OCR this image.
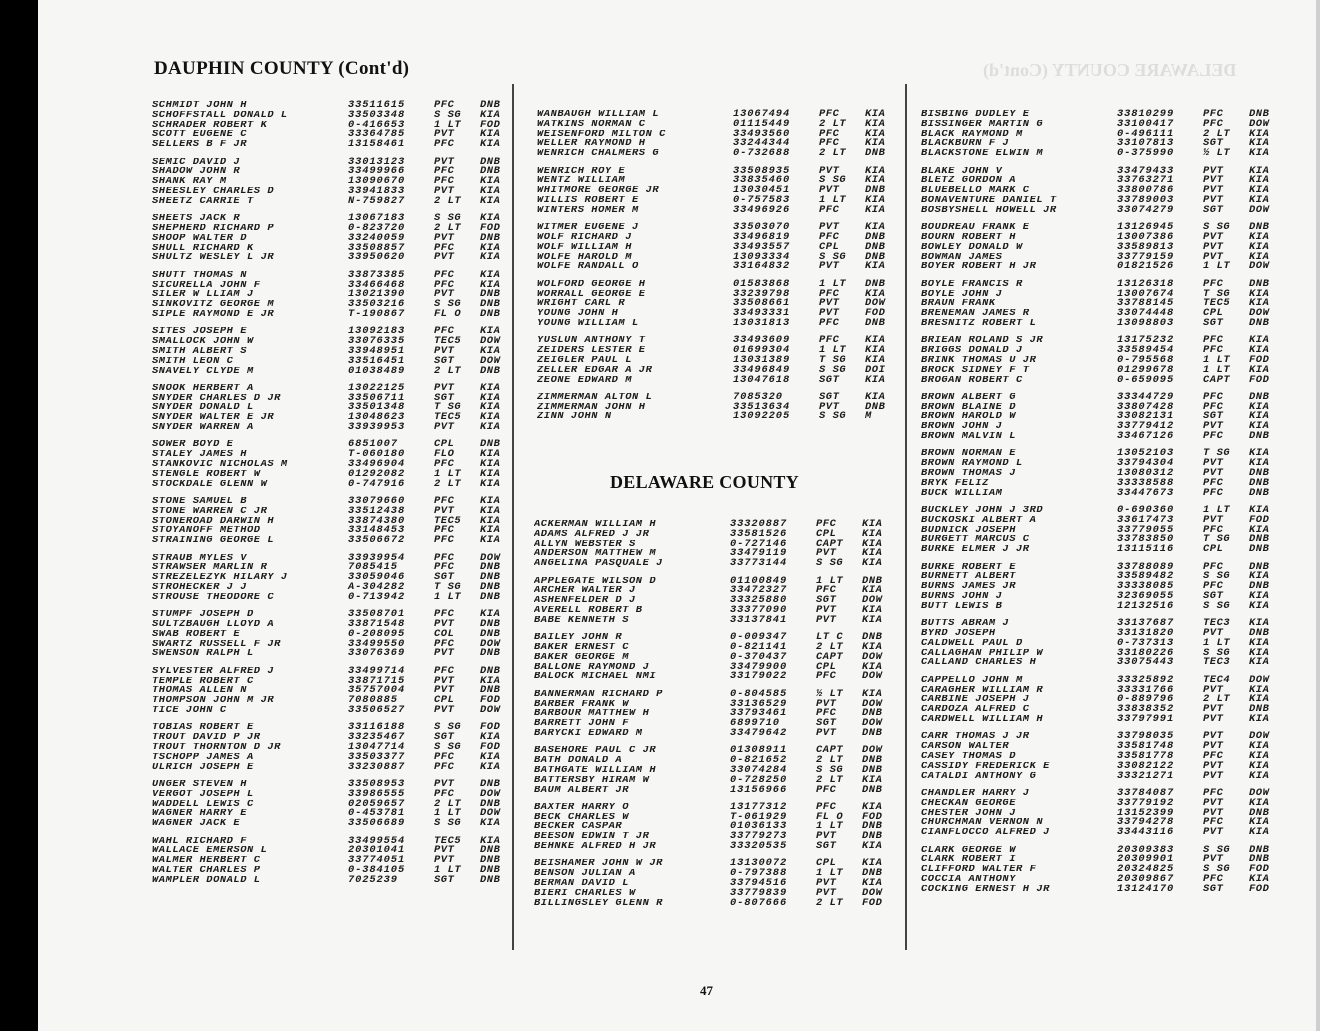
DELAWARE COUNTY (Cont'd)
DAUPHIN COUNTY (Cont'd)
SCHMIDT JOHN H	33511615	PFC	DNB
SCHOFFSTALL DONALD L	33503348	S SG	KIA
SCHRADER ROBERT K	0-416653	1 LT	FOD
SCOTT EUGENE C	33364785	PVT	KIA
SELLERS B F JR	13158461	PFC	KIA
SEMIC DAVID J	33013123	PVT	DNB
SHADOW JOHN R	33499966	PFC	DNB
SHANK RAY M	13090670	PFC	KIA
SHEESLEY CHARLES D	33941833	PVT	KIA
SHEETZ CARRIE T	N-759827	2 LT	KIA
SHEETS JACK R	13067183	S SG	KIA
SHEPHERD RICHARD P	0-823720	2 LT	FOD
SHOOP WALTER D	33240059	PVT	DNB
SHULL RICHARD K	33508857	PFC	KIA
SHULTZ WESLEY L JR	33950620	PVT	KIA
SHUTT THOMAS N	33873385	PFC	KIA
SICURELLA JOHN F	33466468	PFC	KIA
SILER W LLIAM J	13021390	PVT	DNB
SINKOVITZ GEORGE M	33503216	S SG	DNB
SIPLE RAYMOND E JR	T-190867	FL O	DNB
SITES JOSEPH E	13092183	PFC	KIA
SMALLOCK JOHN W	33076335	TEC5	DOW
SMITH ALBERT S	33948951	PVT	KIA
SMITH LEON C	33516451	SGT	DOW
SNAVELY CLYDE M	01038489	2 LT	DNB
SNOOK HERBERT A	13022125	PVT	KIA
SNYDER CHARLES D JR	33506711	SGT	KIA
SNYDER DONALD L	33501348	T SG	KIA
SNYDER WALTER E JR	13048623	TEC5	KIA
SNYDER WARREN A	33939953	PVT	KIA
SOWER BOYD E	6851007	CPL	DNB
STALEY JAMES H	T-060180	FLO	KIA
STANKOVIC NICHOLAS M	33496904	PFC	KIA
STENGLE ROBERT W	01292082	1 LT	KIA
STOCKDALE GLENN W	0-747916	2 LT	KIA
STONE SAMUEL B	33079660	PFC	KIA
STONE WARREN C JR	33512438	PVT	KIA
STONEROAD DARWIN H	33874380	TEC5	KIA
STOYANOFF METHOD	33148453	PFC	KIA
STRAINING GEORGE L	33506672	PFC	KIA
STRAUB MYLES V	33939954	PFC	DOW
STRAWSER MARLIN R	7085415	PFC	DNB
STREZELEZYK HILARY J	33059046	SGT	DNB
STROHECKER J J	A-304282	T SG	DNB
STROUSE THEODORE C	0-713942	1 LT	DNB
STUMPF JOSEPH D	33508701	PFC	KIA
SULTZBAUGH LLOYD A	33871548	PVT	DNB
SWAB ROBERT E	0-208095	COL	DNB
SWARTZ RUSSELL F JR	33499550	PFC	DOW
SWENSON RALPH L	33076369	PVT	DNB
SYLVESTER ALFRED J	33499714	PFC	DNB
TEMPLE ROBERT C	33871715	PVT	KIA
THOMAS ALLEN N	35757004	PVT	DNB
THOMPSON JOHN M JR	7080885	CPL	FOD
TICE JOHN C	33506527	PVT	DOW
TOBIAS ROBERT E	33116188	S SG	FOD
TROUT DAVID P JR	33235467	SGT	KIA
TROUT THORNTON D JR	13047714	S SG	FOD
TSCHOPP JAMES A	33503377	PFC	KIA
ULRICH JOSEPH E	33230887	PFC	KIA
UNGER STEVEN H	33508953	PVT	DNB
VERGOT JOSEPH L	33986555	PFC	DOW
WADDELL LEWIS C	02059657	2 LT	DNB
WAGNER HARRY E	0-453781	1 LT	DOW
WAGNER JACK E	33506689	S SG	KIA
WAHL RICHARD F	33499554	TEC5	KIA
WALLACE EMERSON L	20301041	PVT	DNB
WALMER HERBERT C	33774051	PVT	DNB
WALTER CHARLES P	0-384105	1 LT	DNB
WAMPLER DONALD L	7025239	SGT	DNB
WANBAUGH WILLIAM L	13067494	PFC	KIA
WATKINS NORMAN C	01115449	2 LT	KIA
WEISENFORD MILTON C	33493560	PFC	KIA
WELLER RAYMOND H	33244344	PFC	KIA
WENRICH CHALMERS G	0-732688	2 LT	DNB
WENRICH ROY E	33508935	PVT	KIA
WENTZ WILLIAM	33835460	S SG	KIA
WHITMORE GEORGE JR	13030451	PVT	DNB
WILLIS ROBERT E	0-757583	1 LT	KIA
WINTERS HOMER M	33496926	PFC	KIA
WITMER EUGENE J	33503070	PVT	KIA
WOLF RICHARD J	33496819	PFC	DNB
WOLF WILLIAM H	33493557	CPL	DNB
WOLFE HAROLD M	13093334	S SG	DNB
WOLFE RANDALL O	33164832	PVT	KIA
WOLFORD GEORGE H	01583868	1 LT	DNB
WORRALL GEORGE E	33239798	PFC	KIA
WRIGHT CARL R	33508661	PVT	DOW
YOUNG JOHN H	33493331	PVT	FOD
YOUNG WILLIAM L	13031813	PFC	DNB
YUSLUN ANTHONY T	33493609	PFC	KIA
ZEIDERS LESTER E	01699304	1 LT	KIA
ZEIGLER PAUL L	13031389	T SG	KIA
ZELLER EDGAR A JR	33496849	S SG	DOI
ZEONE EDWARD M	13047618	SGT	KIA
ZIMMERMAN ALTON L	7085320	SGT	KIA
ZIMMERMAN JOHN H	33513634	PVT	DNB
ZINN JOHN N	13092205	S SG	M
DELAWARE COUNTY
ACKERMAN WILLIAM H	33320887	PFC	KIA
ADAMS ALFRED J JR	33581526	CPL	KIA
ALLYN WEBSTER S	0-727146	CAPT	KIA
ANDERSON MATTHEW M	33479119	PVT	KIA
ANGELINA PASQUALE J	33773144	S SG	KIA
APPLEGATE WILSON D	01100849	1 LT	DNB
ARCHER WALTER J	33472327	PFC	KIA
ASHENFELDER D J	33325880	SGT	DOW
AVERELL ROBERT B	33377090	PVT	KIA
BABE KENNETH S	33137841	PVT	KIA
BAILEY JOHN R	0-009347	LT C	DNB
BAKER ERNEST C	0-821141	2 LT	KIA
BAKER GEORGE M	0-370437	CAPT	DOW
BALLONE RAYMOND J	33479900	CPL	KIA
BALOCK MICHAEL NMI	33179022	PFC	DOW
BANNERMAN RICHARD P	0-804585	½ LT	KIA
BARBER FRANK W	33136529	PVT	DOW
BARBOUR MATTHEW H	33793461	PFC	DNB
BARRETT JOHN F	6899710	SGT	DOW
BARYCKI EDWARD M	33479642	PVT	DNB
BASEHORE PAUL C JR	01308911	CAPT	DOW
BATH DONALD A	0-821652	2 LT	DNB
BATHGATE WILLIAM H	33074284	S SG	DNB
BATTERSBY HIRAM W	0-728250	2 LT	KIA
BAUM ALBERT JR	13156966	PFC	DNB
BAXTER HARRY O	13177312	PFC	KIA
BECK CHARLES W	T-061929	FL O	FOD
BECKER CASPAR	01036133	1 LT	DNB
BEESON EDWIN T JR	33779273	PVT	DNB
BEHNKE ALFRED H JR	33320535	SGT	KIA
BEISHAMER JOHN W JR	13130072	CPL	KIA
BENSON JULIAN A	0-797388	1 LT	DNB
BERMAN DAVID L	33794516	PVT	KIA
BIERI CHARLES W	33779839	PVT	DOW
BILLINGSLEY GLENN R	0-807666	2 LT	FOD
BISBING DUDLEY E	33810299	PFC	DNB
BISSINGER MARTIN G	33100417	PFC	DOW
BLACK RAYMOND M	0-496111	2 LT	KIA
BLACKBURN F J	33107813	SGT	KIA
BLACKSTONE ELWIN M	0-375990	½ LT	KIA
BLAKE JOHN V	33479433	PVT	KIA
BLETZ GORDON A	33763271	PVT	KIA
BLUEBELLO MARK C	33800786	PVT	KIA
BONAVENTURE DANIEL T	33789003	PVT	KIA
BOSBYSHELL HOWELL JR	33074279	SGT	DOW
BOUDREAU FRANK E	13126945	S SG	DNB
BOURN ROBERT H	13007386	PVT	KIA
BOWLEY DONALD W	33589813	PVT	KIA
BOWMAN JAMES	33779159	PVT	KIA
BOYER ROBERT H JR	01821526	1 LT	DOW
BOYLE FRANCIS R	13126318	PFC	DNB
BOYLE JOHN J	13007674	T SG	KIA
BRAUN FRANK	33788145	TEC5	KIA
BRENEMAN JAMES R	33074448	CPL	DOW
BRESNITZ ROBERT L	13098803	SGT	DNB
BRIEAN ROLAND S JR	13175232	PFC	KIA
BRIGGS DONALD J	33589454	PFC	KIA
BRINK THOMAS U JR	0-795568	1 LT	FOD
BROCK SIDNEY F T	01299678	1 LT	KIA
BROGAN ROBERT C	0-659095	CAPT	FOD
BROWN ALBERT G	33344729	PFC	DNB
BROWN BLAINE D	33807428	PFC	KIA
BROWN HAROLD W	33082131	SGT	KIA
BROWN JOHN J	33779412	PVT	KIA
BROWN MALVIN L	33467126	PFC	DNB
BROWN NORMAN E	13052103	T SG	KIA
BROWN RAYMOND L	33794304	PVT	KIA
BROWN THOMAS J	13080312	PVT	DNB
BRYK FELIZ	33338588	PFC	DNB
BUCK WILLIAM	33447673	PFC	DNB
BUCKLEY JOHN J 3RD	0-690360	1 LT	KIA
BUCKOSKI ALBERT A	33617473	PVT	FOD
BUDNICK JOSEPH	33779055	PFC	KIA
BURGETT MARCUS C	33783850	T SG	DNB
BURKE ELMER J JR	13115116	CPL	DNB
BURKE ROBERT E	33788089	PFC	DNB
BURNETT ALBERT	33589482	S SG	KIA
BURNS JAMES JR	33338085	PFC	DNB
BURNS JOHN J	32369055	SGT	KIA
BUTT LEWIS B	12132516	S SG	KIA
BUTTS ABRAM J	33137687	TEC3	KIA
BYRD JOSEPH	33131820	PVT	DNB
CALDWELL PAUL D	0-737313	1 LT	KIA
CALLAGHAN PHILIP W	33180226	S SG	KIA
CALLAND CHARLES H	33075443	TEC3	KIA
CAPPELLO JOHN M	33325892	TEC4	DOW
CARAGHER WILLIAM R	33331766	PVT	KIA
CARBINE JOSEPH J	0-889796	2 LT	KIA
CARDOZA ALFRED C	33838352	PVT	DNB
CARDWELL WILLIAM H	33797991	PVT	KIA
CARR THOMAS J JR	33798035	PVT	DOW
CARSON WALTER	33581748	PVT	KIA
CASEY THOMAS D	33581778	PFC	KIA
CASSIDY FREDERICK E	33082122	PVT	KIA
CATALDI ANTHONY G	33321271	PVT	KIA
CHANDLER HARRY J	33784087	PFC	DOW
CHECKAN GEORGE	33779192	PVT	KIA
CHESTER JOHN J	13152399	PVT	DNB
CHURCHMAN VERNON N	33794278	PFC	KIA
CIANFLOCCO ALFRED J	33443116	PVT	KIA
CLARK GEORGE W	20309383	S SG	DNB
CLARK ROBERT I	20309901	PVT	DNB
CLIFFORD WALTER F	20324825	S SG	FOD
COCCIA ANTHONY	20309867	PFC	KIA
COCKING ERNEST H JR	13124170	SGT	FOD
47
